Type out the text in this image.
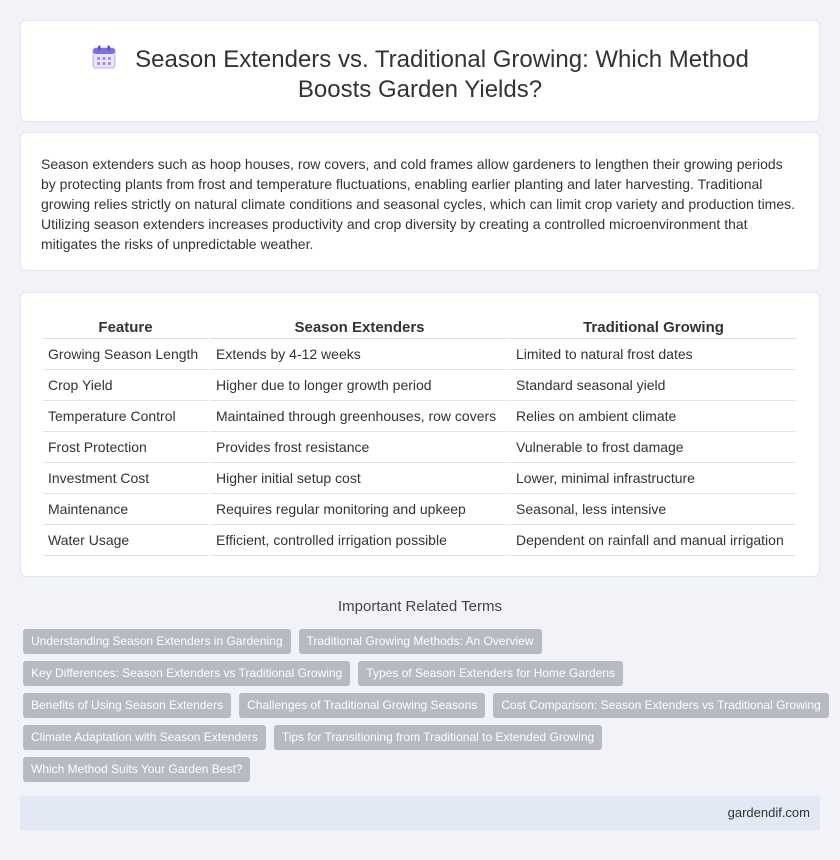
Season Extenders vs. Traditional Growing: Which Method Boosts Garden Yields?

Season extenders such as hoop houses, row covers, and cold frames allow gardeners to lengthen their growing periods by protecting plants from frost and temperature fluctuations, enabling earlier planting and later harvesting. Traditional growing relies strictly on natural climate conditions and seasonal cycles, which can limit crop variety and production times. Utilizing season extenders increases productivity and crop diversity by creating a controlled microenvironment that mitigates the risks of unpredictable weather.

Feature	Season Extenders	Traditional Growing
Growing Season Length	Extends by 4-12 weeks	Limited to natural frost dates
Crop Yield	Higher due to longer growth period	Standard seasonal yield
Temperature Control	Maintained through greenhouses, row covers	Relies on ambient climate
Frost Protection	Provides frost resistance	Vulnerable to frost damage
Investment Cost	Higher initial setup cost	Lower, minimal infrastructure
Maintenance	Requires regular monitoring and upkeep	Seasonal, less intensive
Water Usage	Efficient, controlled irrigation possible	Dependent on rainfall and manual irrigation
Important Related Terms
Understanding Season Extenders in Gardening	Traditional Growing Methods: An Overview
Key Differences: Season Extenders vs Traditional Growing	Types of Season Extenders for Home Gardens
Benefits of Using Season Extenders	Challenges of Traditional Growing Seasons	Cost Comparison: Season Extenders vs Traditional Growing
Climate Adaptation with Season Extenders	Tips for Transitioning from Traditional to Extended Growing
Which Method Suits Your Garden Best?
gardendif.com
